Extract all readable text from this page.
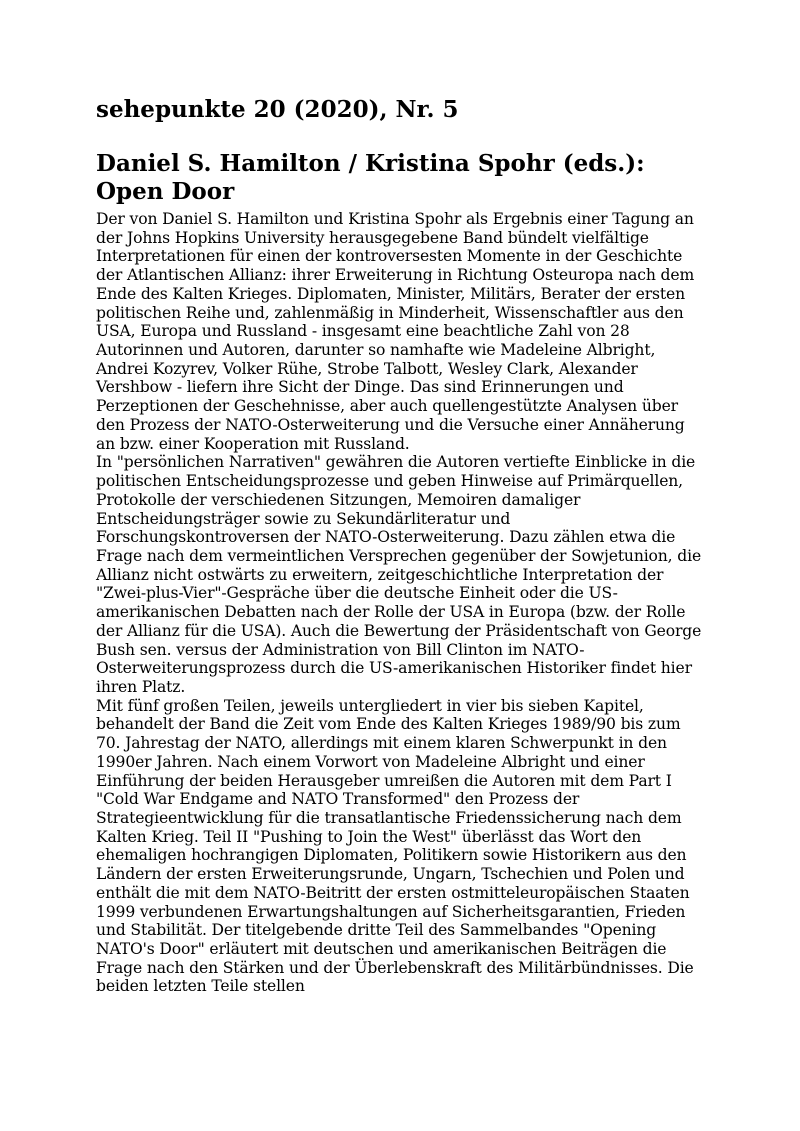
sehepunkte 20 (2020), Nr. 5
Daniel S. Hamilton / Kristina Spohr (eds.): Open Door

Der von Daniel S. Hamilton und Kristina Spohr als Ergebnis einer Tagung an der Johns Hopkins University herausgegebene Band bündelt vielfältige Interpretationen für einen der kontroversesten Momente in der Geschichte der Atlantischen Allianz: ihrer Erweiterung in Richtung Osteuropa nach dem Ende des Kalten Krieges. Diplomaten, Minister, Militärs, Berater der ersten politischen Reihe und, zahlenmäßig in Minderheit, Wissenschaftler aus den USA, Europa und Russland - insgesamt eine beachtliche Zahl von 28 Autorinnen und Autoren, darunter so namhafte wie Madeleine Albright, Andrei Kozyrev, Volker Rühe, Strobe Talbott, Wesley Clark, Alexander Vershbow - liefern ihre Sicht der Dinge. Das sind Erinnerungen und Perzeptionen der Geschehnisse, aber auch quellengestützte Analysen über den Prozess der NATO-Osterweiterung und die Versuche einer Annäherung an bzw. einer Kooperation mit Russland.

In "persönlichen Narrativen" gewähren die Autoren vertiefte Einblicke in die politischen Entscheidungsprozesse und geben Hinweise auf Primärquellen, Protokolle der verschiedenen Sitzungen, Memoiren damaliger Entscheidungsträger sowie zu Sekundärliteratur und Forschungskontroversen der NATO-Osterweiterung. Dazu zählen etwa die Frage nach dem vermeintlichen Versprechen gegenüber der Sowjetunion, die Allianz nicht ostwärts zu erweitern, zeitgeschichtliche Interpretation der "Zwei-plus-Vier"-Gespräche über die deutsche Einheit oder die US-amerikanischen Debatten nach der Rolle der USA in Europa (bzw. der Rolle der Allianz für die USA). Auch die Bewertung der Präsidentschaft von George Bush sen. versus der Administration von Bill Clinton im NATO-Osterweiterungsprozess durch die US-amerikanischen Historiker findet hier ihren Platz.

Mit fünf großen Teilen, jeweils untergliedert in vier bis sieben Kapitel, behandelt der Band die Zeit vom Ende des Kalten Krieges 1989/90 bis zum 70. Jahrestag der NATO, allerdings mit einem klaren Schwerpunkt in den 1990er Jahren. Nach einem Vorwort von Madeleine Albright und einer Einführung der beiden Herausgeber umreißen die Autoren mit dem Part I "Cold War Endgame and NATO Transformed" den Prozess der Strategieentwicklung für die transatlantische Friedenssicherung nach dem Kalten Krieg. Teil II "Pushing to Join the West" überlässt das Wort den ehemaligen hochrangigen Diplomaten, Politikern sowie Historikern aus den Ländern der ersten Erweiterungsrunde, Ungarn, Tschechien und Polen und enthält die mit dem NATO-Beitritt der ersten ostmitteleuropäischen Staaten 1999 verbundenen Erwartungshaltungen auf Sicherheitsgarantien, Frieden und Stabilität. Der titelgebende dritte Teil des Sammelbandes "Opening NATO's Door" erläutert mit deutschen und amerikanischen Beiträgen die Frage nach den Stärken und der Überlebenskraft des Militärbündnisses. Die beiden letzten Teile stellen
